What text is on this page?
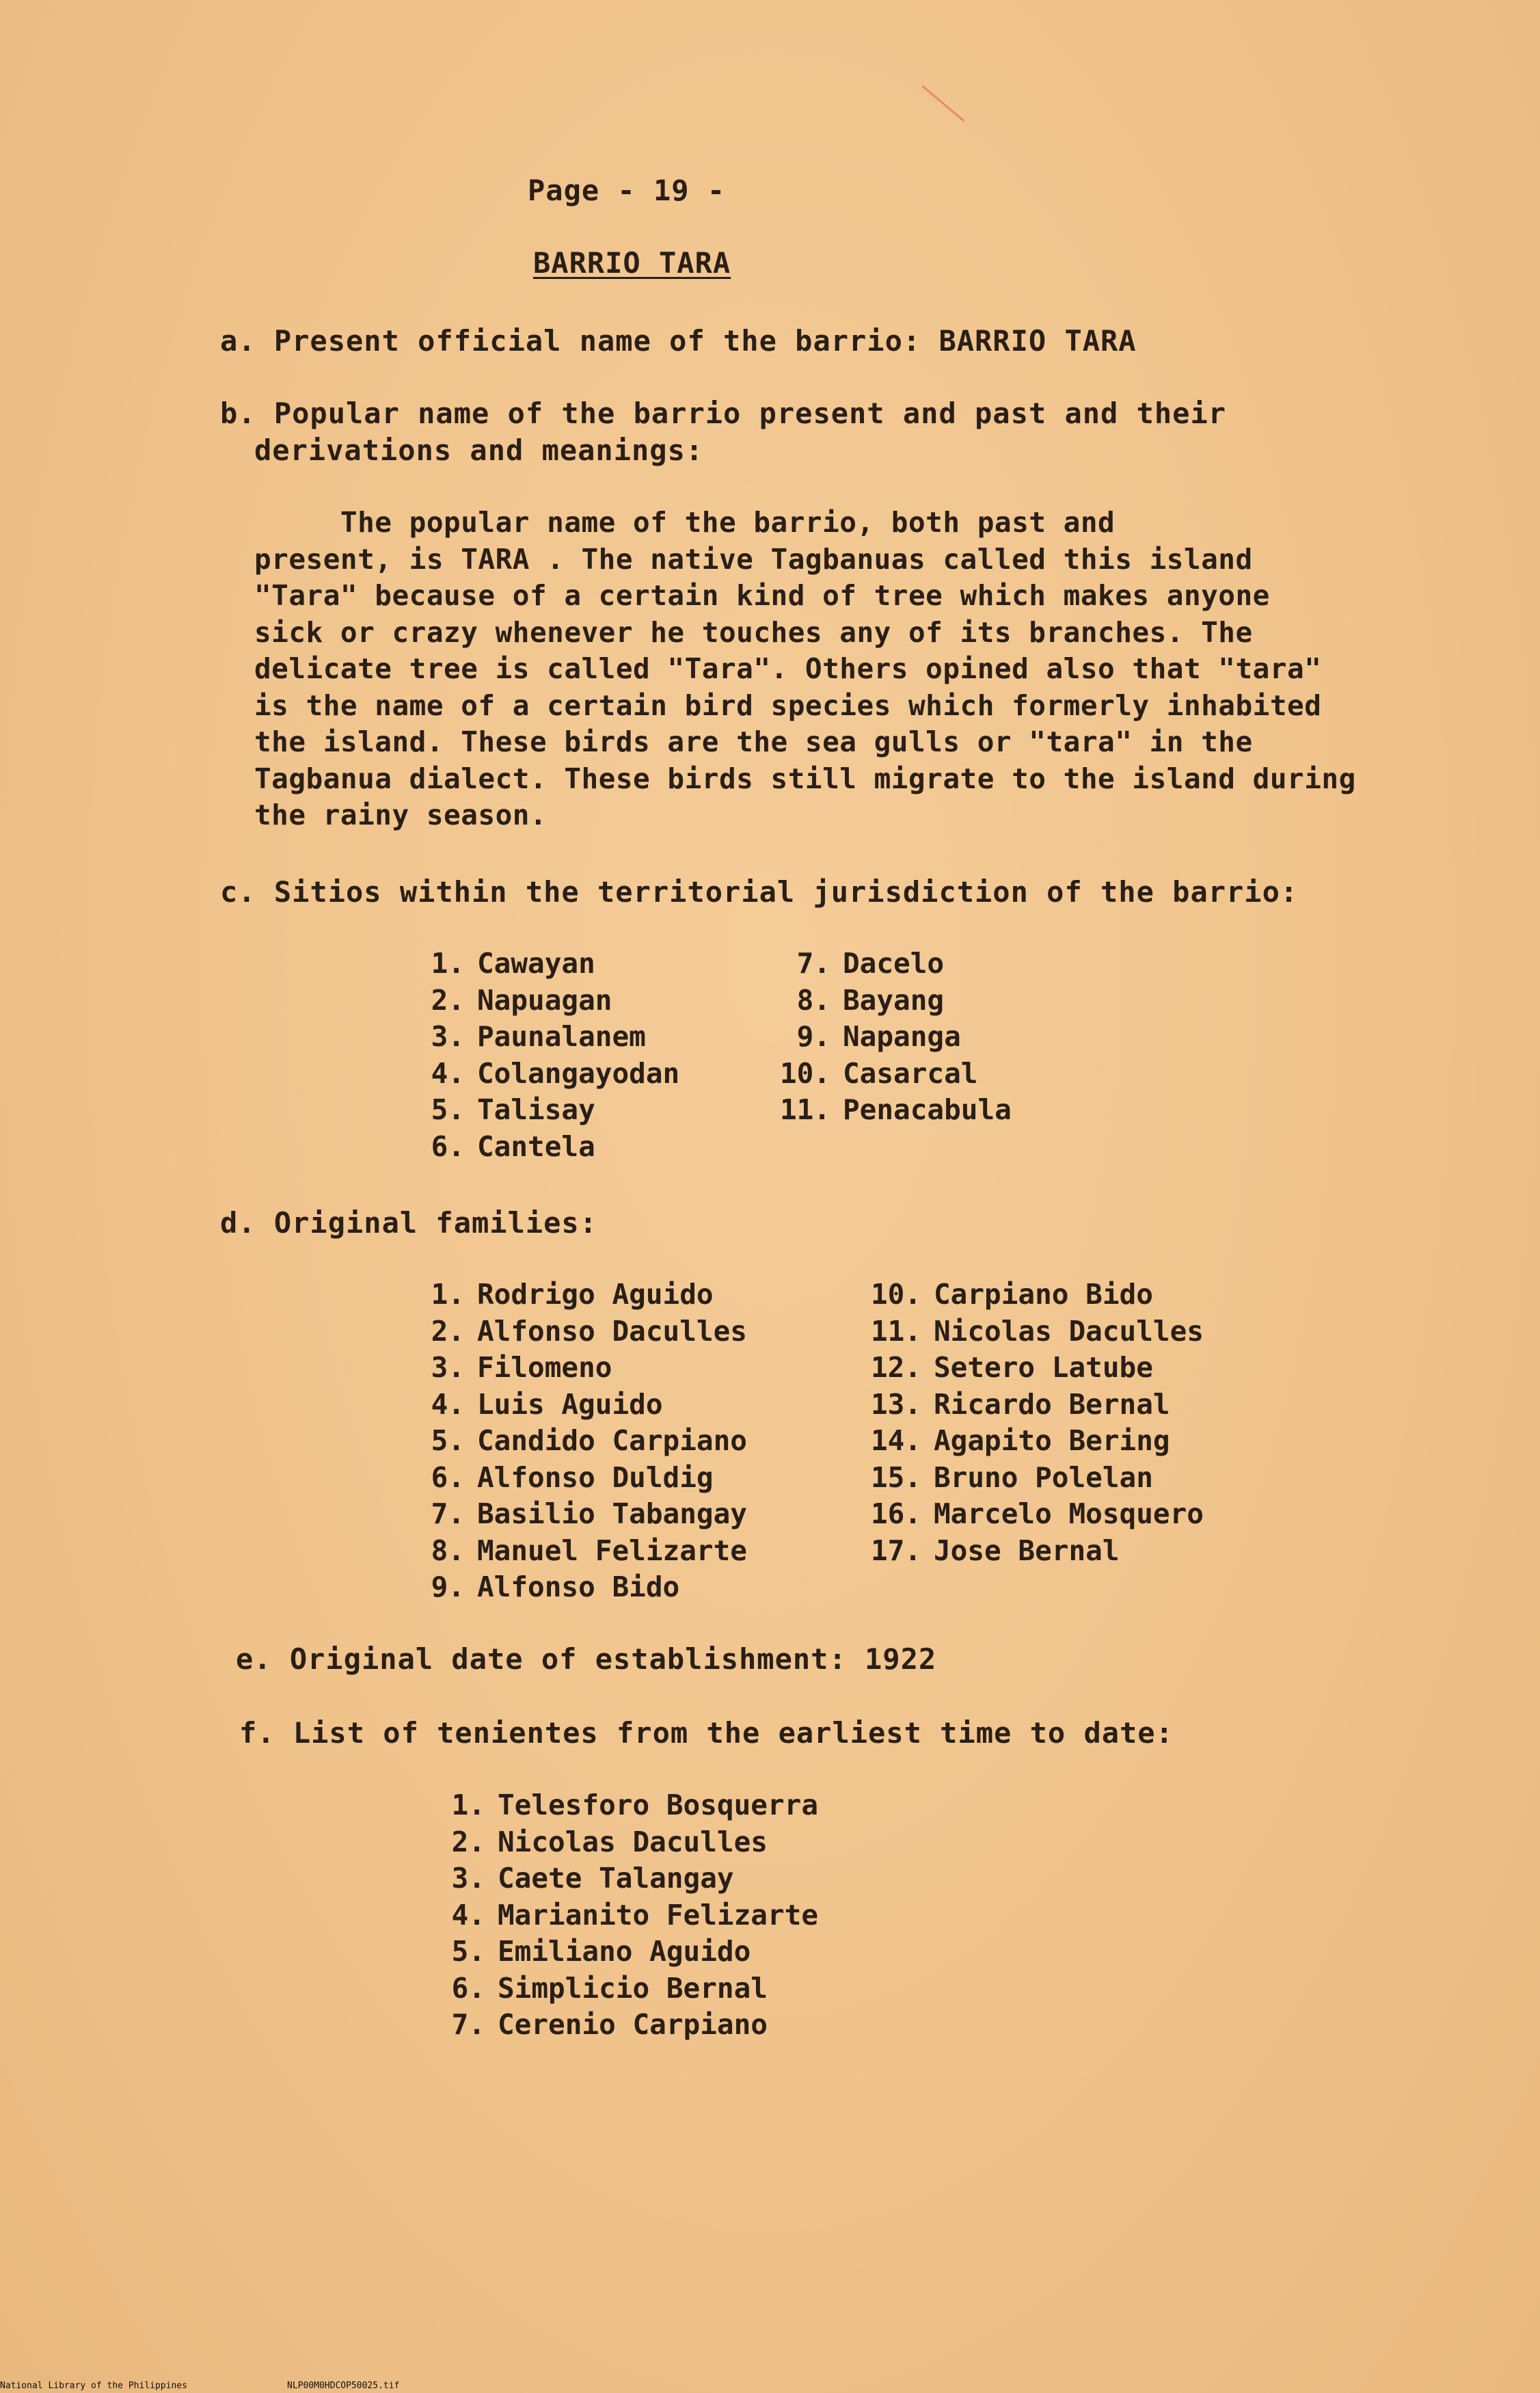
Page - 19 -
BARRIO TARA
a. Present official name of the barrio: BARRIO TARA
b. Popular name of the barrio present and past and their
derivations and meanings:
The popular name of the barrio, both past and
present, is TARA . The native Tagbanuas called this island
"Tara" because of a certain kind of tree which makes anyone
sick or crazy whenever he touches any of its branches. The
delicate tree is called "Tara". Others opined also that "tara"
is the name of a certain bird species which formerly inhabited
the island. These birds are the sea gulls or "tara" in the
Tagbanua dialect. These birds still migrate to the island during
the rainy season.
c. Sitios within the territorial jurisdiction of the barrio:
1. Cawayan
2. Napuagan
3. Paunalanem
4. Colangayodan
5. Talisay
6. Cantela
7. Dacelo
8. Bayang
9. Napanga
10. Casarcal
11. Penacabula
d. Original families:
1. Rodrigo Aguido
2. Alfonso Daculles
3. Filomeno
4. Luis Aguido
5. Candido Carpiano
6. Alfonso Duldig
7. Basilio Tabangay
8. Manuel Felizarte
9. Alfonso Bido
10. Carpiano Bido
11. Nicolas Daculles
12. Setero Latube
13. Ricardo Bernal
14. Agapito Bering
15. Bruno Polelan
16. Marcelo Mosquero
17. Jose Bernal
e. Original date of establishment: 1922
f. List of tenientes from the earliest time to date:
1. Telesforo Bosquerra
2. Nicolas Daculles
3. Caete Talangay
4. Marianito Felizarte
5. Emiliano Aguido
6. Simplicio Bernal
7. Cerenio Carpiano
National Library of the Philippines	NLP00M0HDCOP50025.tif
